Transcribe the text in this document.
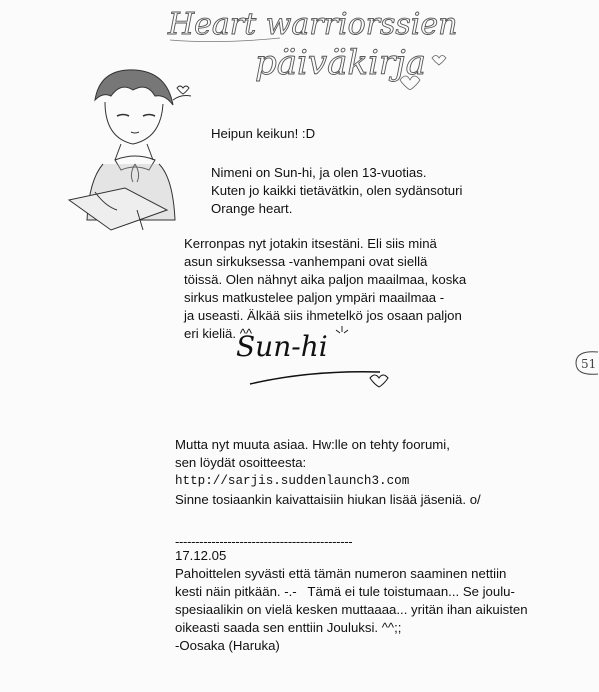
Heart warriorssien
päiväkirja
Heipun keikun! :D
Nimeni on Sun-hi, ja olen 13-vuotias.
Kuten jo kaikki tietävätkin, olen sydänsoturi
Orange heart.
Kerronpas nyt jotakin itsestäni. Eli siis minä
asun sirkuksessa -vanhempani ovat siellä
töissä. Olen nähnyt aika paljon maailmaa, koska
sirkus matkustelee paljon ympäri maailmaa -
ja useasti. Älkää siis ihmetelkö jos osaan paljon
eri kieliä. ^^
Sun-hi
51
Mutta nyt muuta asiaa. Hw:lle on tehty foorumi,
sen löydät osoitteesta:
http://sarjis.suddenlaunch3.com
Sinne tosiaankin kaivattaisiin hiukan lisää jäseniä. o/
--------------------------------------------
17.12.05
Pahoittelen syvästi että tämän numeron saaminen nettiin
kesti näin pitkään. -.-   Tämä ei tule toistumaan... Se joulu-
spesiaalikin on vielä kesken muttaaaa... yritän ihan aikuisten
oikeasti saada sen enttiin Jouluksi. ^^;;
-Oosaka (Haruka)
